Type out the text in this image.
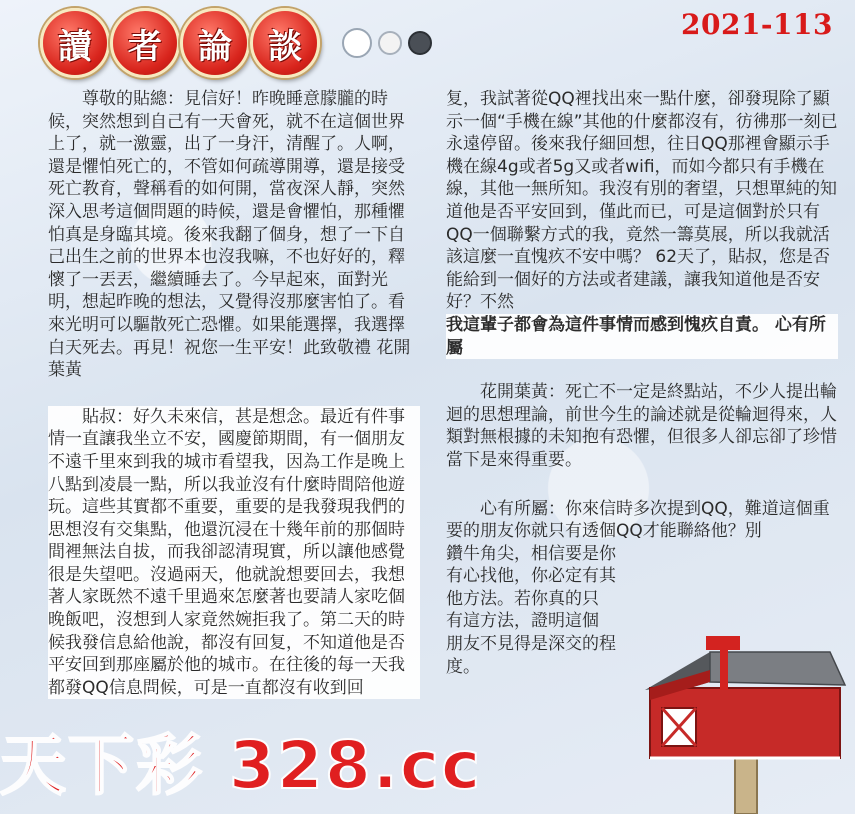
讀 者 論 談
2021-113

尊敬的貼總：見信好！昨晚睡意朦朧的時候，突然想到自己有一天會死，就不在這個世界上了，就一激靈，出了一身汗，清醒了。人啊，還是懼怕死亡的，不管如何疏導開導，還是接受死亡教育，聲稱看的如何開，當夜深人靜，突然深入思考這個問題的時候，還是會懼怕，那種懼怕真是身臨其境。後來我翻了個身，想了一下自己出生之前的世界本也沒我嘛，不也好好的，釋懷了一丟丟，繼續睡去了。今早起來，面對光明，想起昨晚的想法，又覺得沒那麼害怕了。看來光明可以驅散死亡恐懼。如果能選擇，我選擇白天死去。再見！祝您一生平安！此致敬禮 花開葉黃

貼叔：好久未來信，甚是想念。最近有件事情一直讓我坐立不安，國慶節期間，有一個朋友不遠千里來到我的城市看望我，因為工作是晚上八點到凌晨一點，所以我並沒有什麼時間陪他遊玩。這些其實都不重要，重要的是我發現我們的思想沒有交集點，他還沉浸在十幾年前的那個時間裡無法自拔，而我卻認清現實，所以讓他感覺很是失望吧。沒過兩天，他就說想要回去，我想著人家既然不遠千里過來怎麼著也要請人家吃個晚飯吧，沒想到人家竟然婉拒我了。第二天的時候我發信息給他說，都沒有回复，不知道他是否平安回到那座屬於他的城市。在往後的每一天我都發QQ信息問候，可是一直都沒有收到回

复，我試著從QQ裡找出來一點什麼，卻發現除了顯示一個“手機在線”其他的什麼都沒有，彷彿那一刻已永遠停留。後來我仔細回想，往日QQ那裡會顯示手機在線4g或者5g又或者wifi，而如今都只有手機在線，其他一無所知。我沒有別的奢望，只想單純的知道他是否平安回到，僅此而已，可是這個對於只有QQ一個聯繫方式的我，竟然一籌莫展，所以我就活該這麼一直愧疚不安中嗎？ 62天了，貼叔，您是否能給到一個好的方法或者建議，讓我知道他是否安好？不然

我這輩子都會為這件事情而感到愧疚自責。 心有所屬

花開葉黃：死亡不一定是終點站，不少人提出輪迴的思想理論，前世今生的論述就是從輪迴得來，人類對無根據的未知抱有恐懼，但很多人卻忘卻了珍惜當下是來得重要。

心有所屬：你來信時多次提到QQ，難道這個重要的朋友你就只有透個QQ才能聯絡他？別

鑽牛角尖，相信要是你
有心找他，你必定有其
他方法。若你真的只
有這方法，證明這個
朋友不見得是深交的程
度。
天下彩 328.cc
